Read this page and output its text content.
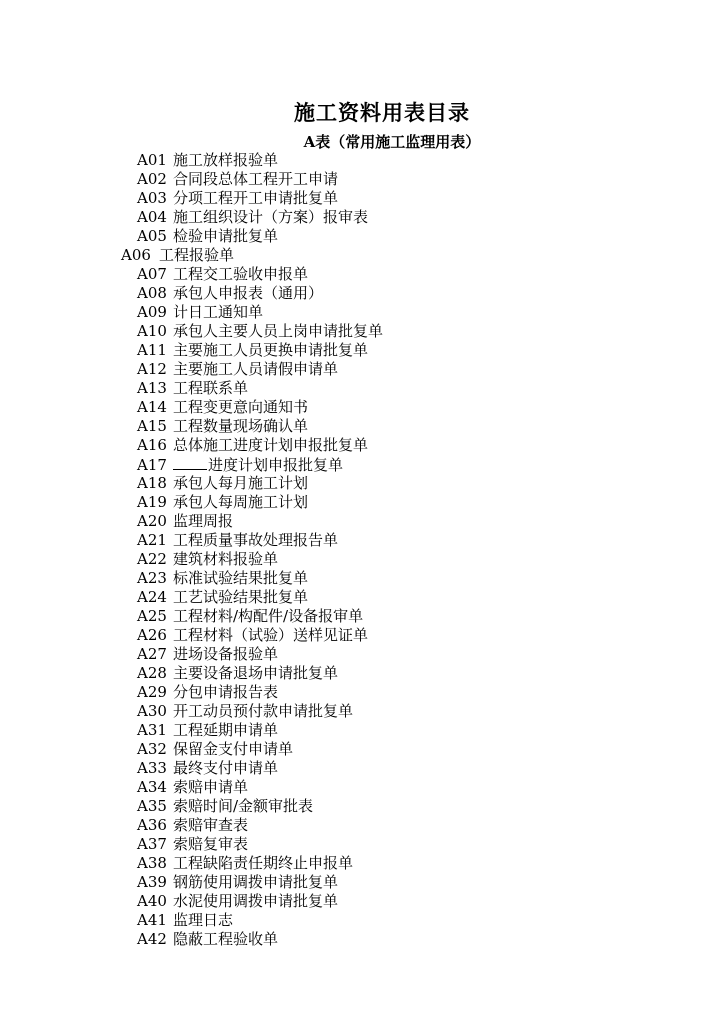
施工资料用表目录
A表（常用施工监理用表）
A01 施工放样报验单
A02 合同段总体工程开工申请
A03 分项工程开工申请批复单
A04 施工组织设计（方案）报审表
A05 检验申请批复单
A06 工程报验单
A07 工程交工验收申报单
A08 承包人申报表（通用）
A09 计日工通知单
A10 承包人主要人员上岗申请批复单
A11 主要施工人员更换申请批复单
A12 主要施工人员请假申请单
A13 工程联系单
A14 工程变更意向通知书
A15 工程数量现场确认单
A16 总体施工进度计划申报批复单
A17	进度计划申报批复单
A18 承包人每月施工计划
A19 承包人每周施工计划
A20 监理周报
A21 工程质量事故处理报告单
A22 建筑材料报验单
A23 标准试验结果批复单
A24 工艺试验结果批复单
A25 工程材料/构配件/设备报审单
A26 工程材料（试验）送样见证单
A27 进场设备报验单
A28 主要设备退场申请批复单
A29 分包申请报告表
A30 开工动员预付款申请批复单
A31 工程延期申请单
A32 保留金支付申请单
A33 最终支付申请单
A34 索赔申请单
A35 索赔时间/金额审批表
A36 索赔审查表
A37 索赔复审表
A38 工程缺陷责任期终止申报单
A39 钢筋使用调拨申请批复单
A40 水泥使用调拨申请批复单
A41 监理日志
A42 隐蔽工程验收单
